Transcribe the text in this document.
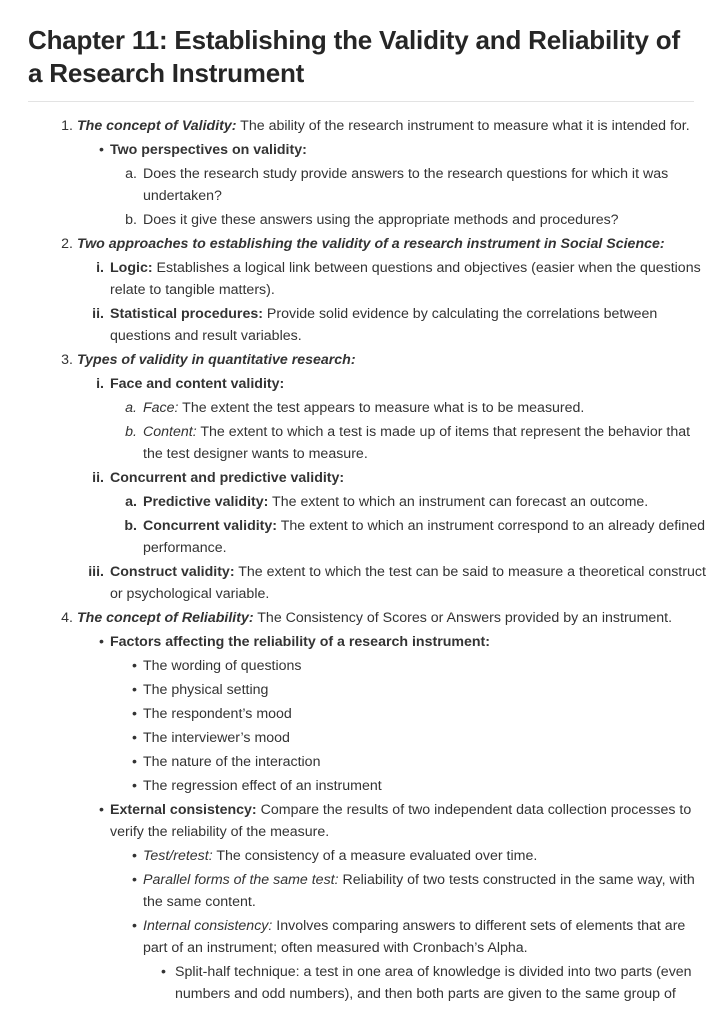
Chapter 11: Establishing the Validity and Reliability of a Research Instrument
1. The concept of Validity: The ability of the research instrument to measure what it is intended for.
• Two perspectives on validity:
a. Does the research study provide answers to the research questions for which it was undertaken?
b. Does it give these answers using the appropriate methods and procedures?
2. Two approaches to establishing the validity of a research instrument in Social Science:
i. Logic: Establishes a logical link between questions and objectives (easier when the questions relate to tangible matters).
ii. Statistical procedures: Provide solid evidence by calculating the correlations between questions and result variables.
3. Types of validity in quantitative research:
i. Face and content validity:
a. Face: The extent the test appears to measure what is to be measured.
b. Content: The extent to which a test is made up of items that represent the behavior that the test designer wants to measure.
ii. Concurrent and predictive validity:
a. Predictive validity: The extent to which an instrument can forecast an outcome.
b. Concurrent validity: The extent to which an instrument correspond to an already defined performance.
iii. Construct validity: The extent to which the test can be said to measure a theoretical construct or psychological variable.
4. The concept of Reliability: The Consistency of Scores or Answers provided by an instrument.
• Factors affecting the reliability of a research instrument:
• The wording of questions
• The physical setting
• The respondent’s mood
• The interviewer’s mood
• The nature of the interaction
• The regression effect of an instrument
• External consistency: Compare the results of two independent data collection processes to verify the reliability of the measure.
• Test/retest: The consistency of a measure evaluated over time.
• Parallel forms of the same test: Reliability of two tests constructed in the same way, with the same content.
• Internal consistency: Involves comparing answers to different sets of elements that are part of an instrument; often measured with Cronbach’s Alpha.
• Split-half technique: a test in one area of knowledge is divided into two parts (even numbers and odd numbers), and then both parts are given to the same group of
